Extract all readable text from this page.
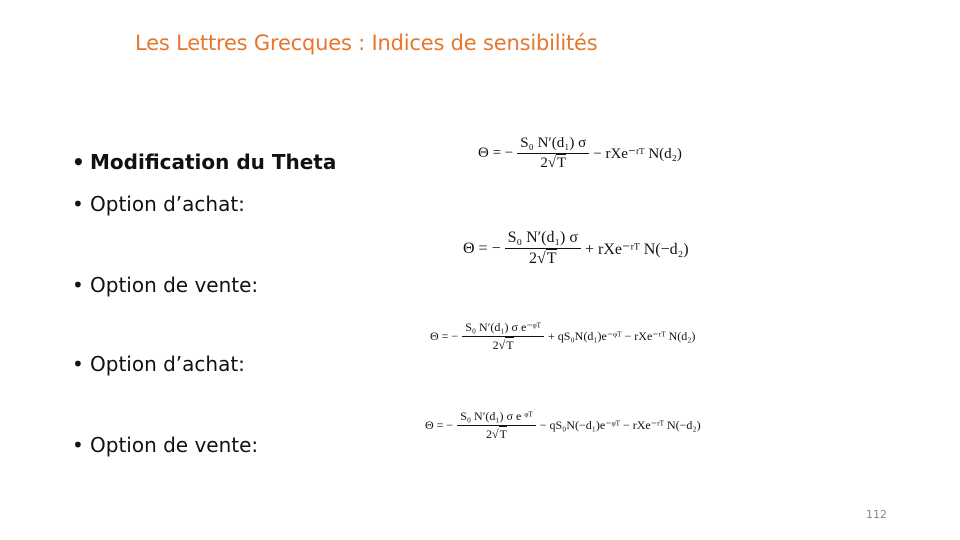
Les Lettres Grecques : Indices de sensibilités
• Modification du Theta
• Option d’achat:
• Option de vente:
• Option d’achat:
• Option de vente:
Θ = − $\frac{\text{S₀ N′(d₁) σ}}{2√T}$ − rXe⁻ʳᵀ N(d₂)
Θ = − $\frac{\text{S₀ N′(d₁) σ}}{2√T}$ + rXe⁻ʳᵀ N(−d₂)
Θ = − $\frac{\text{S₀ N′(d₁) σ e⁻ᵠᵀ}}{2√T}$ + qS₀N(d₁)e⁻ᵠᵀ − rXe⁻ʳᵀ N(d₂)
Θ = − $\frac{\text{S₀ N′(d₁) σ e ᵠᵀ}}{2√T}$ − qS₀N(−d₁)e⁻ᵠᵀ − rXe⁻ʳᵀ N(−d₂)
112
